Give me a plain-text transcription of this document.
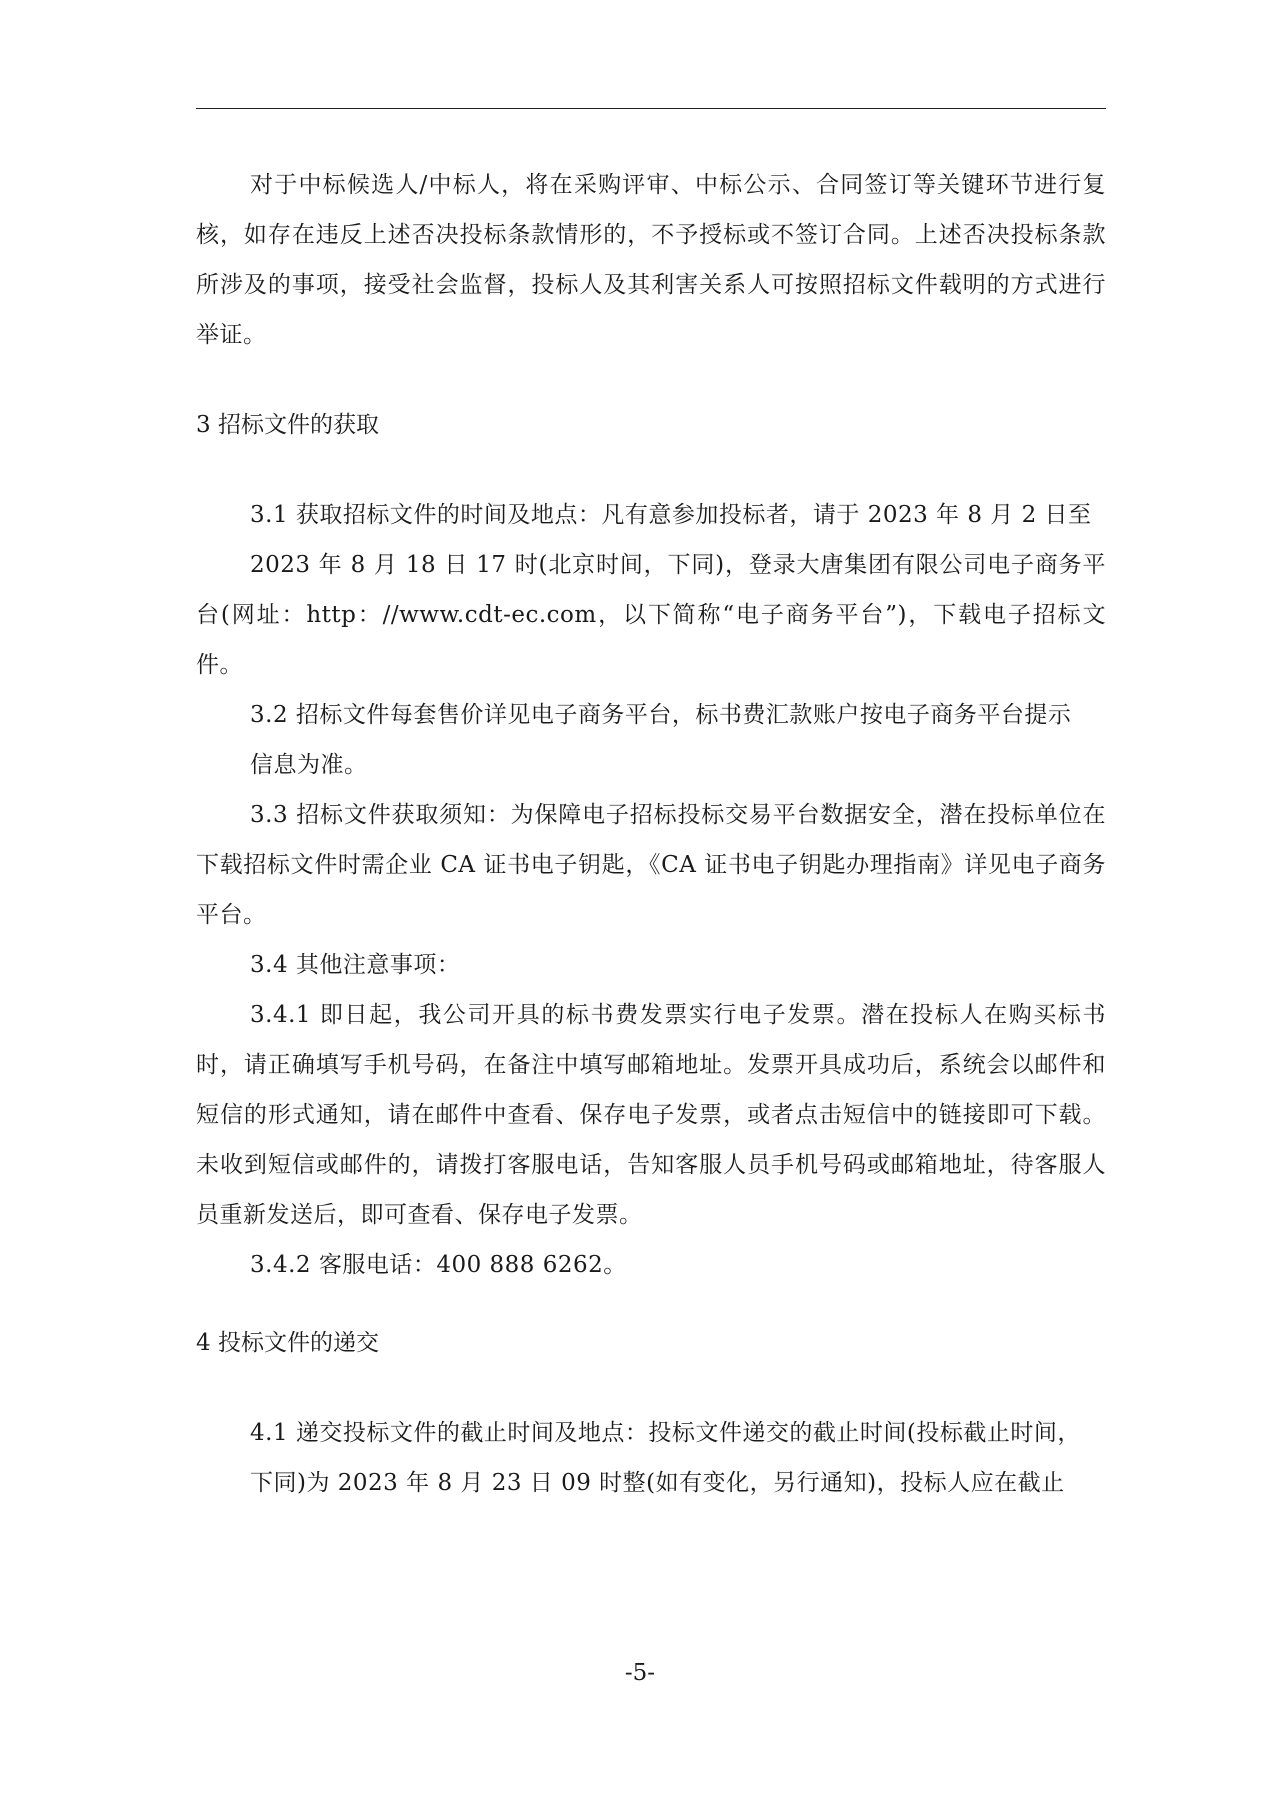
对于中标候选人/中标人，将在采购评审、中标公示、合同签订等关键环节进行复核，如存在违反上述否决投标条款情形的，不予授标或不签订合同。上述否决投标条款所涉及的事项，接受社会监督，投标人及其利害关系人可按照招标文件载明的方式进行举证。

3 招标文件的获取

3.1 获取招标文件的时间及地点：凡有意参加投标者，请于 2023 年 8 月 2 日至

2023 年 8 月 18 日 17 时(北京时间，下同)，登录大唐集团有限公司电子商务平台(网址：http：//www.cdt-ec.com，以下简称“电子商务平台”)，下载电子招标文件。

3.2 招标文件每套售价详见电子商务平台，标书费汇款账户按电子商务平台提示

信息为准。

3.3 招标文件获取须知：为保障电子招标投标交易平台数据安全，潜在投标单位在下载招标文件时需企业 CA 证书电子钥匙，《CA 证书电子钥匙办理指南》详见电子商务平台。

3.4 其他注意事项：

3.4.1 即日起，我公司开具的标书费发票实行电子发票。潜在投标人在购买标书时，请正确填写手机号码，在备注中填写邮箱地址。发票开具成功后，系统会以邮件和短信的形式通知，请在邮件中查看、保存电子发票，或者点击短信中的链接即可下载。未收到短信或邮件的，请拨打客服电话，告知客服人员手机号码或邮箱地址，待客服人员重新发送后，即可查看、保存电子发票。

3.4.2 客服电话：400 888 6262。

4 投标文件的递交

4.1 递交投标文件的截止时间及地点：投标文件递交的截止时间(投标截止时间，

下同)为 2023 年 8 月 23 日 09 时整(如有变化，另行通知)，投标人应在截止

-5-
